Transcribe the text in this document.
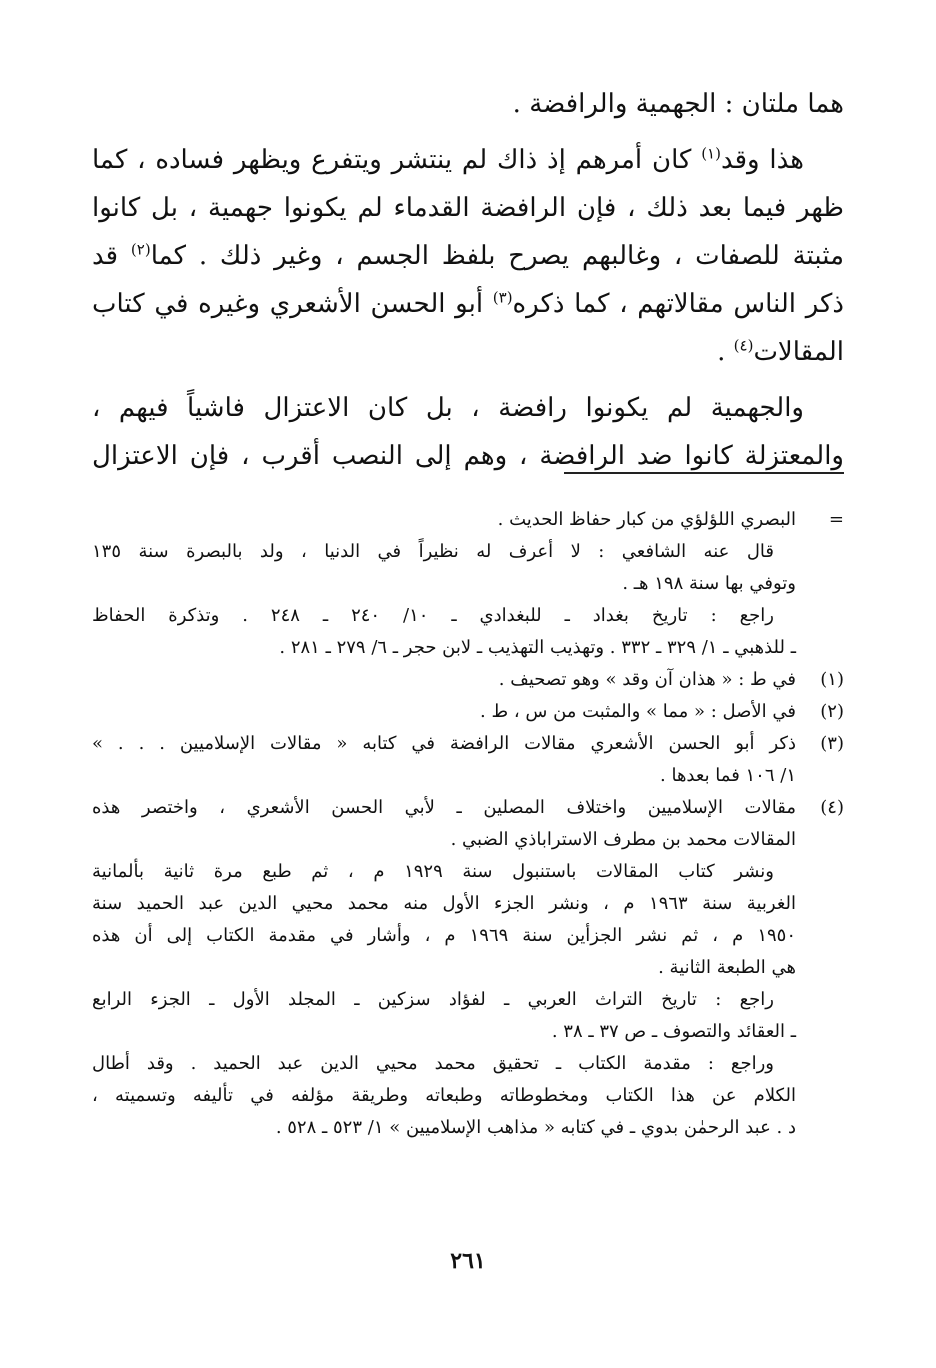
هما ملتان : الجهمية والرافضة .
هذا وقد$^{(١)}$ كان أمرهم إذ ذاك لم ينتشر ويتفرع ويظهر فساده ، كما
ظهر فيما بعد ذلك ، فإن الرافضة القدماء لم يكونوا جهمية ، بل كانوا
مثبتة للصفات ، وغالبهم يصرح بلفظ الجسم ، وغير ذلك . كما$^{(٢)}$ قد
ذكر الناس مقالاتهم ، كما ذكره$^{(٣)}$ أبو الحسن الأشعري وغيره في كتاب
المقالات$^{(٤)}$ .
والجهمية لم يكونوا رافضة ، بل كان الاعتزال فاشياً فيهم ،
والمعتزلة كانوا ضد الرافضة ، وهم إلى النصب أقرب ، فإن الاعتزال
=
البصري اللؤلؤي من كبار حفاظ الحديث .
قال عنه الشافعي : لا أعرف له نظيراً في الدنيا ، ولد بالبصرة سنة ١٣٥
وتوفي بها سنة ١٩٨ هـ .
راجع : تاريخ بغداد ـ للبغدادي ـ ١٠/ ٢٤٠ ـ ٢٤٨ . وتذكرة الحفاظ
ـ للذهبي ـ ١/ ٣٢٩ ـ ٣٣٢ . وتهذيب التهذيب ـ لابن حجر ـ ٦/ ٢٧٩ ـ ٢٨١ .
(١)
في ط : « هذان آن وقد » وهو تصحيف .
(٢)
في الأصل : « مما » والمثبت من س ، ط .
(٣)
ذكر أبو الحسن الأشعري مقالات الرافضة في كتابه « مقالات الإسلاميين . . . »
١/ ١٠٦ فما بعدها .
(٤)
مقالات الإسلاميين واختلاف المصلين ـ لأبي الحسن الأشعري ، واختصر هذه
المقالات محمد بن مطرف الاستراباذي الضبي .
ونشر كتاب المقالات باستنبول سنة ١٩٢٩ م ، ثم طبع مرة ثانية بألمانية
الغربية سنة ١٩٦٣ م ، ونشر الجزء الأول منه محمد محيي الدين عبد الحميد سنة
١٩٥٠ م ، ثم نشر الجزأين سنة ١٩٦٩ م ، وأشار في مقدمة الكتاب إلى أن هذه
هي الطبعة الثانية .
راجع : تاريخ التراث العربي ـ لفؤاد سزكين ـ المجلد الأول ـ الجزء الرابع
ـ العقائد والتصوف ـ ص ٣٧ ـ ٣٨ .
وراجع : مقدمة الكتاب ـ تحقيق محمد محيي الدين عبد الحميد . وقد أطال
الكلام عن هذا الكتاب ومخطوطاته وطبعاته وطريقة مؤلفه في تأليفه وتسميته ،
د . عبد الرحمٰن بدوي ـ في كتابه « مذاهب الإسلاميين » ١/ ٥٢٣ ـ ٥٢٨ .
٢٦١
